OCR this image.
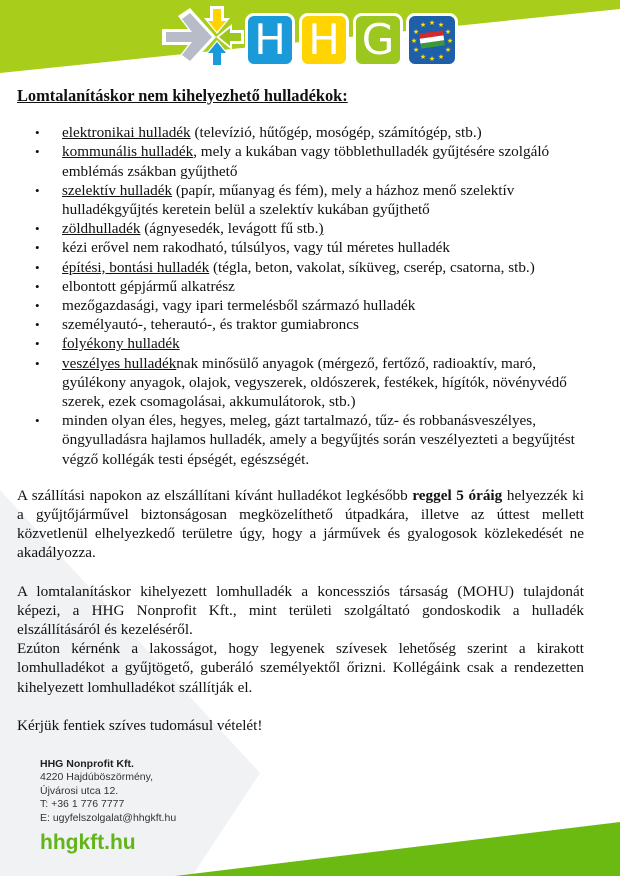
H H G	★ ★
★
★
★
★
★
★
★
★
★
★
Lomtalanításkor nem kihelyezhető hulladékok:
• elektronikai hulladék (televízió, hűtőgép, mosógép, számítógép, stb.)
• kommunális hulladék, mely a kukában vagy többlethulladék gyűjtésére szolgáló emblémás zsákban gyűjthető
• szelektív hulladék (papír, műanyag és fém), mely a házhoz menő szelektív hulladékgyűjtés keretein belül a szelektív kukában gyűjthető
• zöldhulladék (ágnyesedék, levágott fű stb.)
• kézi erővel nem rakodható, túlsúlyos, vagy túl méretes hulladék
• építési, bontási hulladék (tégla, beton, vakolat, síküveg, cserép, csatorna, stb.)
• elbontott gépjármű alkatrész
• mezőgazdasági, vagy ipari termelésből származó hulladék
• személyautó-, teherautó-, és traktor gumiabroncs
• folyékony hulladék
• veszélyes hulladéknak minősülő anyagok (mérgező, fertőző, radioaktív, maró, gyúlékony anyagok, olajok, vegyszerek, oldószerek, festékek, hígítók, növényvédő szerek, ezek csomagolásai, akkumulátorok, stb.)
• minden olyan éles, hegyes, meleg, gázt tartalmazó, tűz- és robbanásveszélyes, öngyulladásra hajlamos hulladék, amely a begyűjtés során veszélyezteti a begyűjtést végző kollégák testi épségét, egészségét.

A szállítási napokon az elszállítani kívánt hulladékot legkésőbb reggel 5 óráig helyezzék ki a gyűjtőjárművel biztonságosan megközelíthető útpadkára, illetve az úttest mellett közvetlenül elhelyezkedő területre úgy, hogy a járművek és gyalogosok közlekedését ne akadályozza.

A lomtalanításkor kihelyezett lomhulladék a koncessziós társaság (MOHU) tulajdonát képezi, a HHG Nonprofit Kft., mint területi szolgáltató gondoskodik a hulladék elszállításáról és kezeléséről.

Ezúton kérnénk a lakosságot, hogy legyenek szívesek lehetőség szerint a kirakott lomhulladékot a gyűjtögető, guberáló személyektől őrizni. Kollégáink csak a rendezetten kihelyezett lomhulladékot szállítják el.

Kérjük fentiek szíves tudomásul vételét!

HHG Nonprofit Kft.
4220 Hajdúböszörmény,
Újvárosi utca 12.
T: +36 1 776 7777
E: ugyfelszolgalat@hhgkft.hu
hhgkft.hu
